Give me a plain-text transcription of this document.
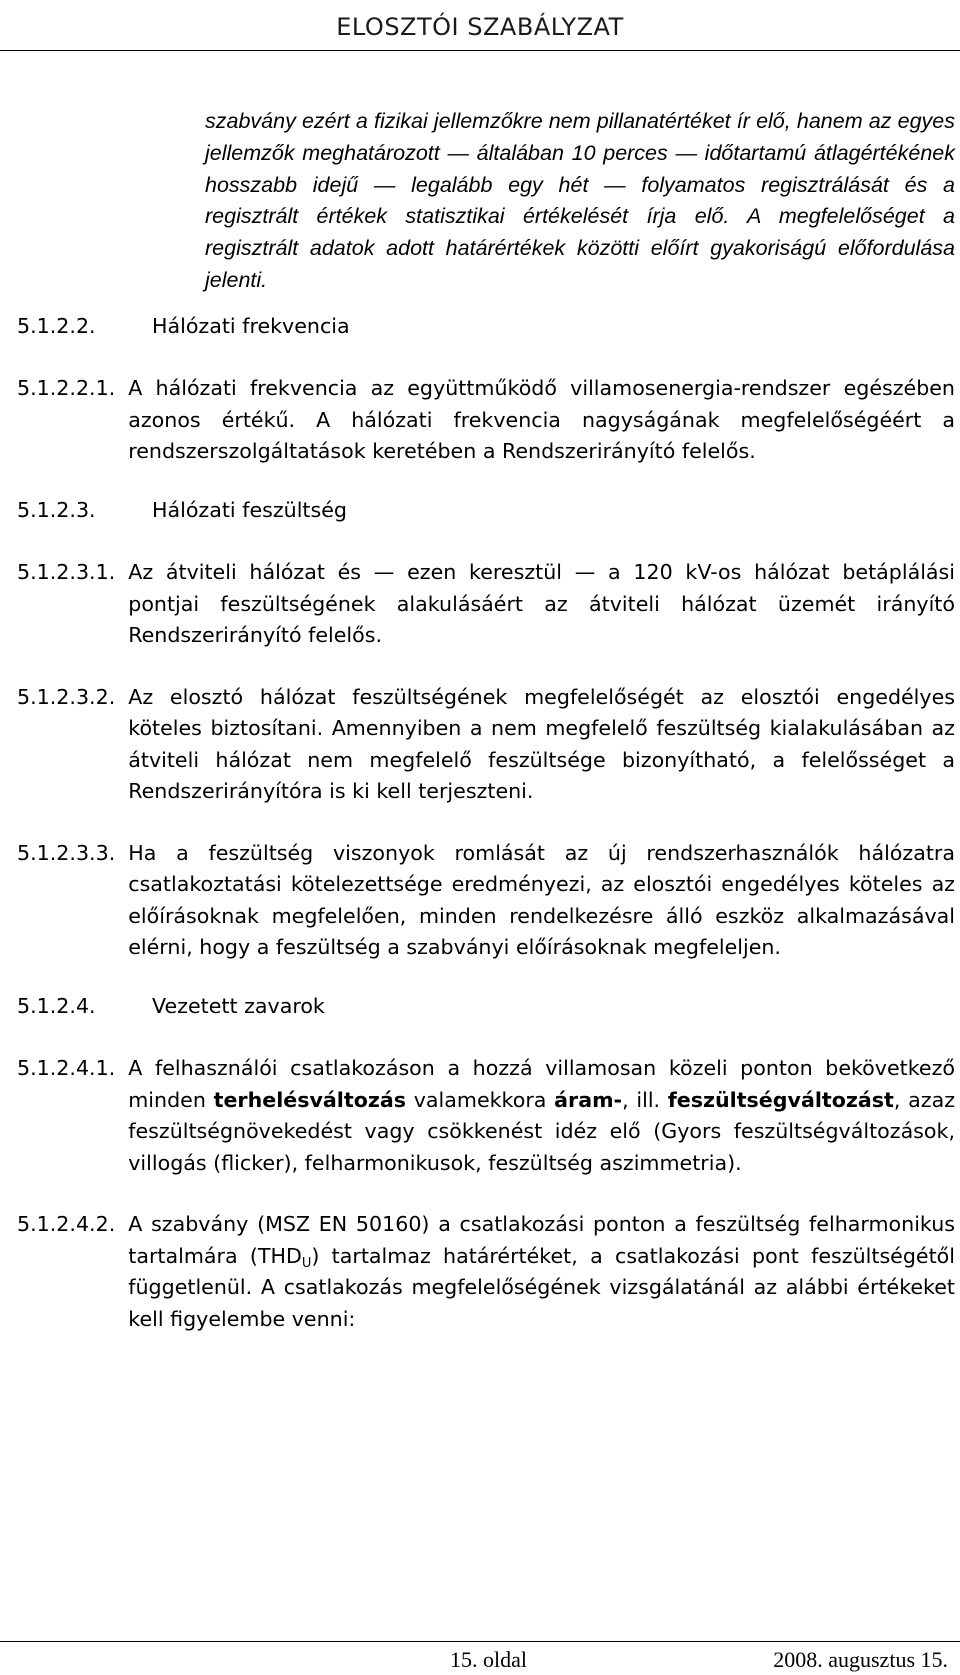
ELOSZTÓI SZABÁLYZAT
szabvány ezért a fizikai jellemzőkre nem pillanatértéket ír elő, hanem az egyes jellemzők meghatározott — általában 10 perces — időtartamú átlagértékének hosszabb idejű — legalább egy hét — folyamatos regisztrálását és a regisztrált értékek statisztikai értékelését írja elő. A megfelelőséget a regisztrált adatok adott határértékek közötti előírt gyakoriságú előfordulása jelenti.
5.1.2.2.	Hálózati frekvencia
5.1.2.2.1. A hálózati frekvencia az együttműködő villamosenergia-rendszer egészében azonos értékű. A hálózati frekvencia nagyságának megfelelőségéért a rendszerszolgáltatások keretében a Rendszerirányító felelős.
5.1.2.3.	Hálózati feszültség
5.1.2.3.1. Az átviteli hálózat és — ezen keresztül — a 120 kV-os hálózat betáplálási pontjai feszültségének alakulásáért az átviteli hálózat üzemét irányító Rendszerirányító felelős.
5.1.2.3.2. Az elosztó hálózat feszültségének megfelelőségét az elosztói engedélyes köteles biztosítani. Amennyiben a nem megfelelő feszültség kialakulásában az átviteli hálózat nem megfelelő feszültsége bizonyítható, a felelősséget a Rendszerirányítóra is ki kell terjeszteni.
5.1.2.3.3. Ha a feszültség viszonyok romlását az új rendszerhasználók hálózatra csatlakoztatási kötelezettsége eredményezi, az elosztói engedélyes köteles az előírásoknak megfelelően, minden rendelkezésre álló eszköz alkalmazásával elérni, hogy a feszültség a szabványi előírásoknak megfeleljen.
5.1.2.4.	Vezetett zavarok
5.1.2.4.1. A felhasználói csatlakozáson a hozzá villamosan közeli ponton bekövetkező minden terhelésváltozás valamekkora áram-, ill. feszültségváltozást, azaz feszültségnövekedést vagy csökkenést idéz elő (Gyors feszültségváltozások, villogás (flicker), felharmonikusok, feszültség aszimmetria).
5.1.2.4.2. A szabvány (MSZ EN 50160) a csatlakozási ponton a feszültség felharmonikus tartalmára $(THD_U)$ tartalmaz határértéket, a csatlakozási pont feszültségétől függetlenül. A csatlakozás megfelelőségének vizsgálatánál az alábbi értékeket kell figyelembe venni:
15. oldal	2008. augusztus 15.
